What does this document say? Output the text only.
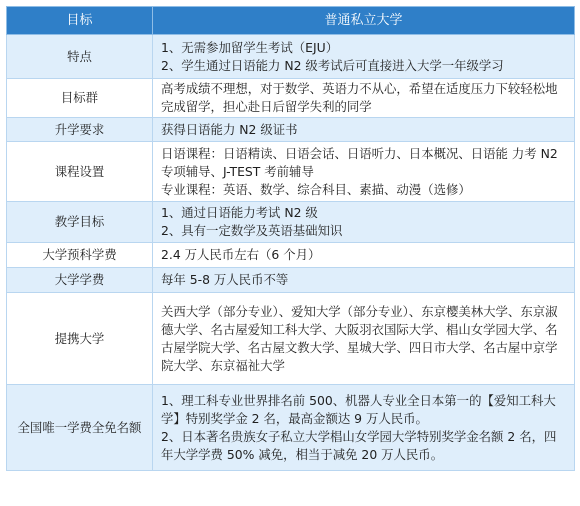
目标	普通私立大学
特点	1、无需参加留学生考试（EJU）
2、学生通过日语能力 N2 级考试后可直接进入大学一年级学习

目标群	高考成绩不理想，对于数学、英语力不从心，希望在适度压力下较轻松地完成留学，担心赴日后留学失利的同学

升学要求	获得日语能力 N2 级证书

课程设置	日语课程：日语精读、日语会话、日语听力、日本概况、日语能 力考 N2 专项辅导、J-TEST 考前辅导
专业课程：英语、数学、综合科目、素描、动漫（选修）

教学目标	1、通过日语能力考试 N2 级
2、具有一定数学及英语基础知识

大学预科学费	2.4 万人民币左右（6 个月）

大学学费	每年 5-8 万人民币不等

提携大学	关西大学（部分专业）、爱知大学（部分专业）、东京樱美林大学、东京淑德大学、名古屋爱知工科大学、大阪羽衣国际大学、椙山女学园大学、名古屋学院大学、名古屋文教大学、星城大学、四日市大学、名古屋中京学院大学、东京福祉大学

全国唯一学费全免名额	1、理工科专业世界排名前 500、机器人专业全日本第一的【爱知工科大学】特别奖学金 2 名，最高金额达 9 万人民币。
2、日本著名贵族女子私立大学椙山女学园大学特别奖学金名额 2 名，四年大学学费 50% 减免，相当于减免 20 万人民币。
